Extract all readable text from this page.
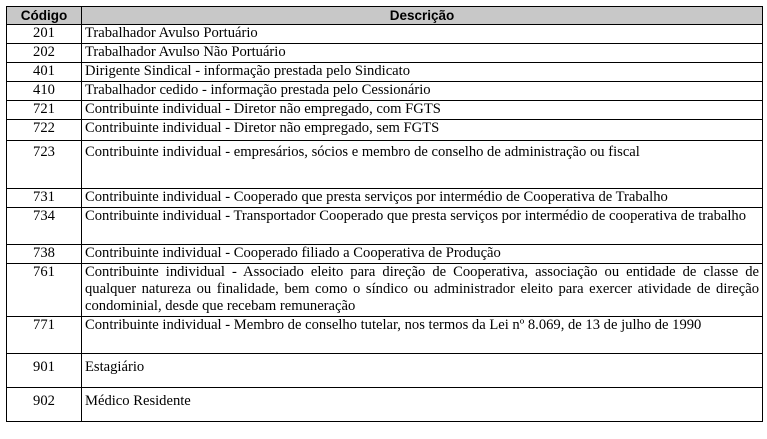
Código	Descrição
201	Trabalhador Avulso Portuário
202	Trabalhador Avulso Não Portuário
401	Dirigente Sindical - informação prestada pelo Sindicato
410	Trabalhador cedido - informação prestada pelo Cessionário
721	Contribuinte individual - Diretor não empregado, com FGTS
722	Contribuinte individual - Diretor não empregado, sem FGTS
723	Contribuinte individual - empresários, sócios e membro de conselho de administração ou fiscal
731	Contribuinte individual - Cooperado que presta serviços por intermédio de Cooperativa de Trabalho
734	Contribuinte individual - Transportador Cooperado que presta serviços por intermédio de cooperativa de trabalho
738	Contribuinte individual - Cooperado filiado a Cooperativa de Produção
761	Contribuinte individual - Associado eleito para direção de Cooperativa, associação ou entidade de classe de qualquer natureza ou finalidade, bem como o síndico ou administrador eleito para exercer atividade de direção condominial, desde que recebam remuneração
771	Contribuinte individual - Membro de conselho tutelar, nos termos da Lei nº 8.069, de 13 de julho de 1990
901	Estagiário
902	Médico Residente
